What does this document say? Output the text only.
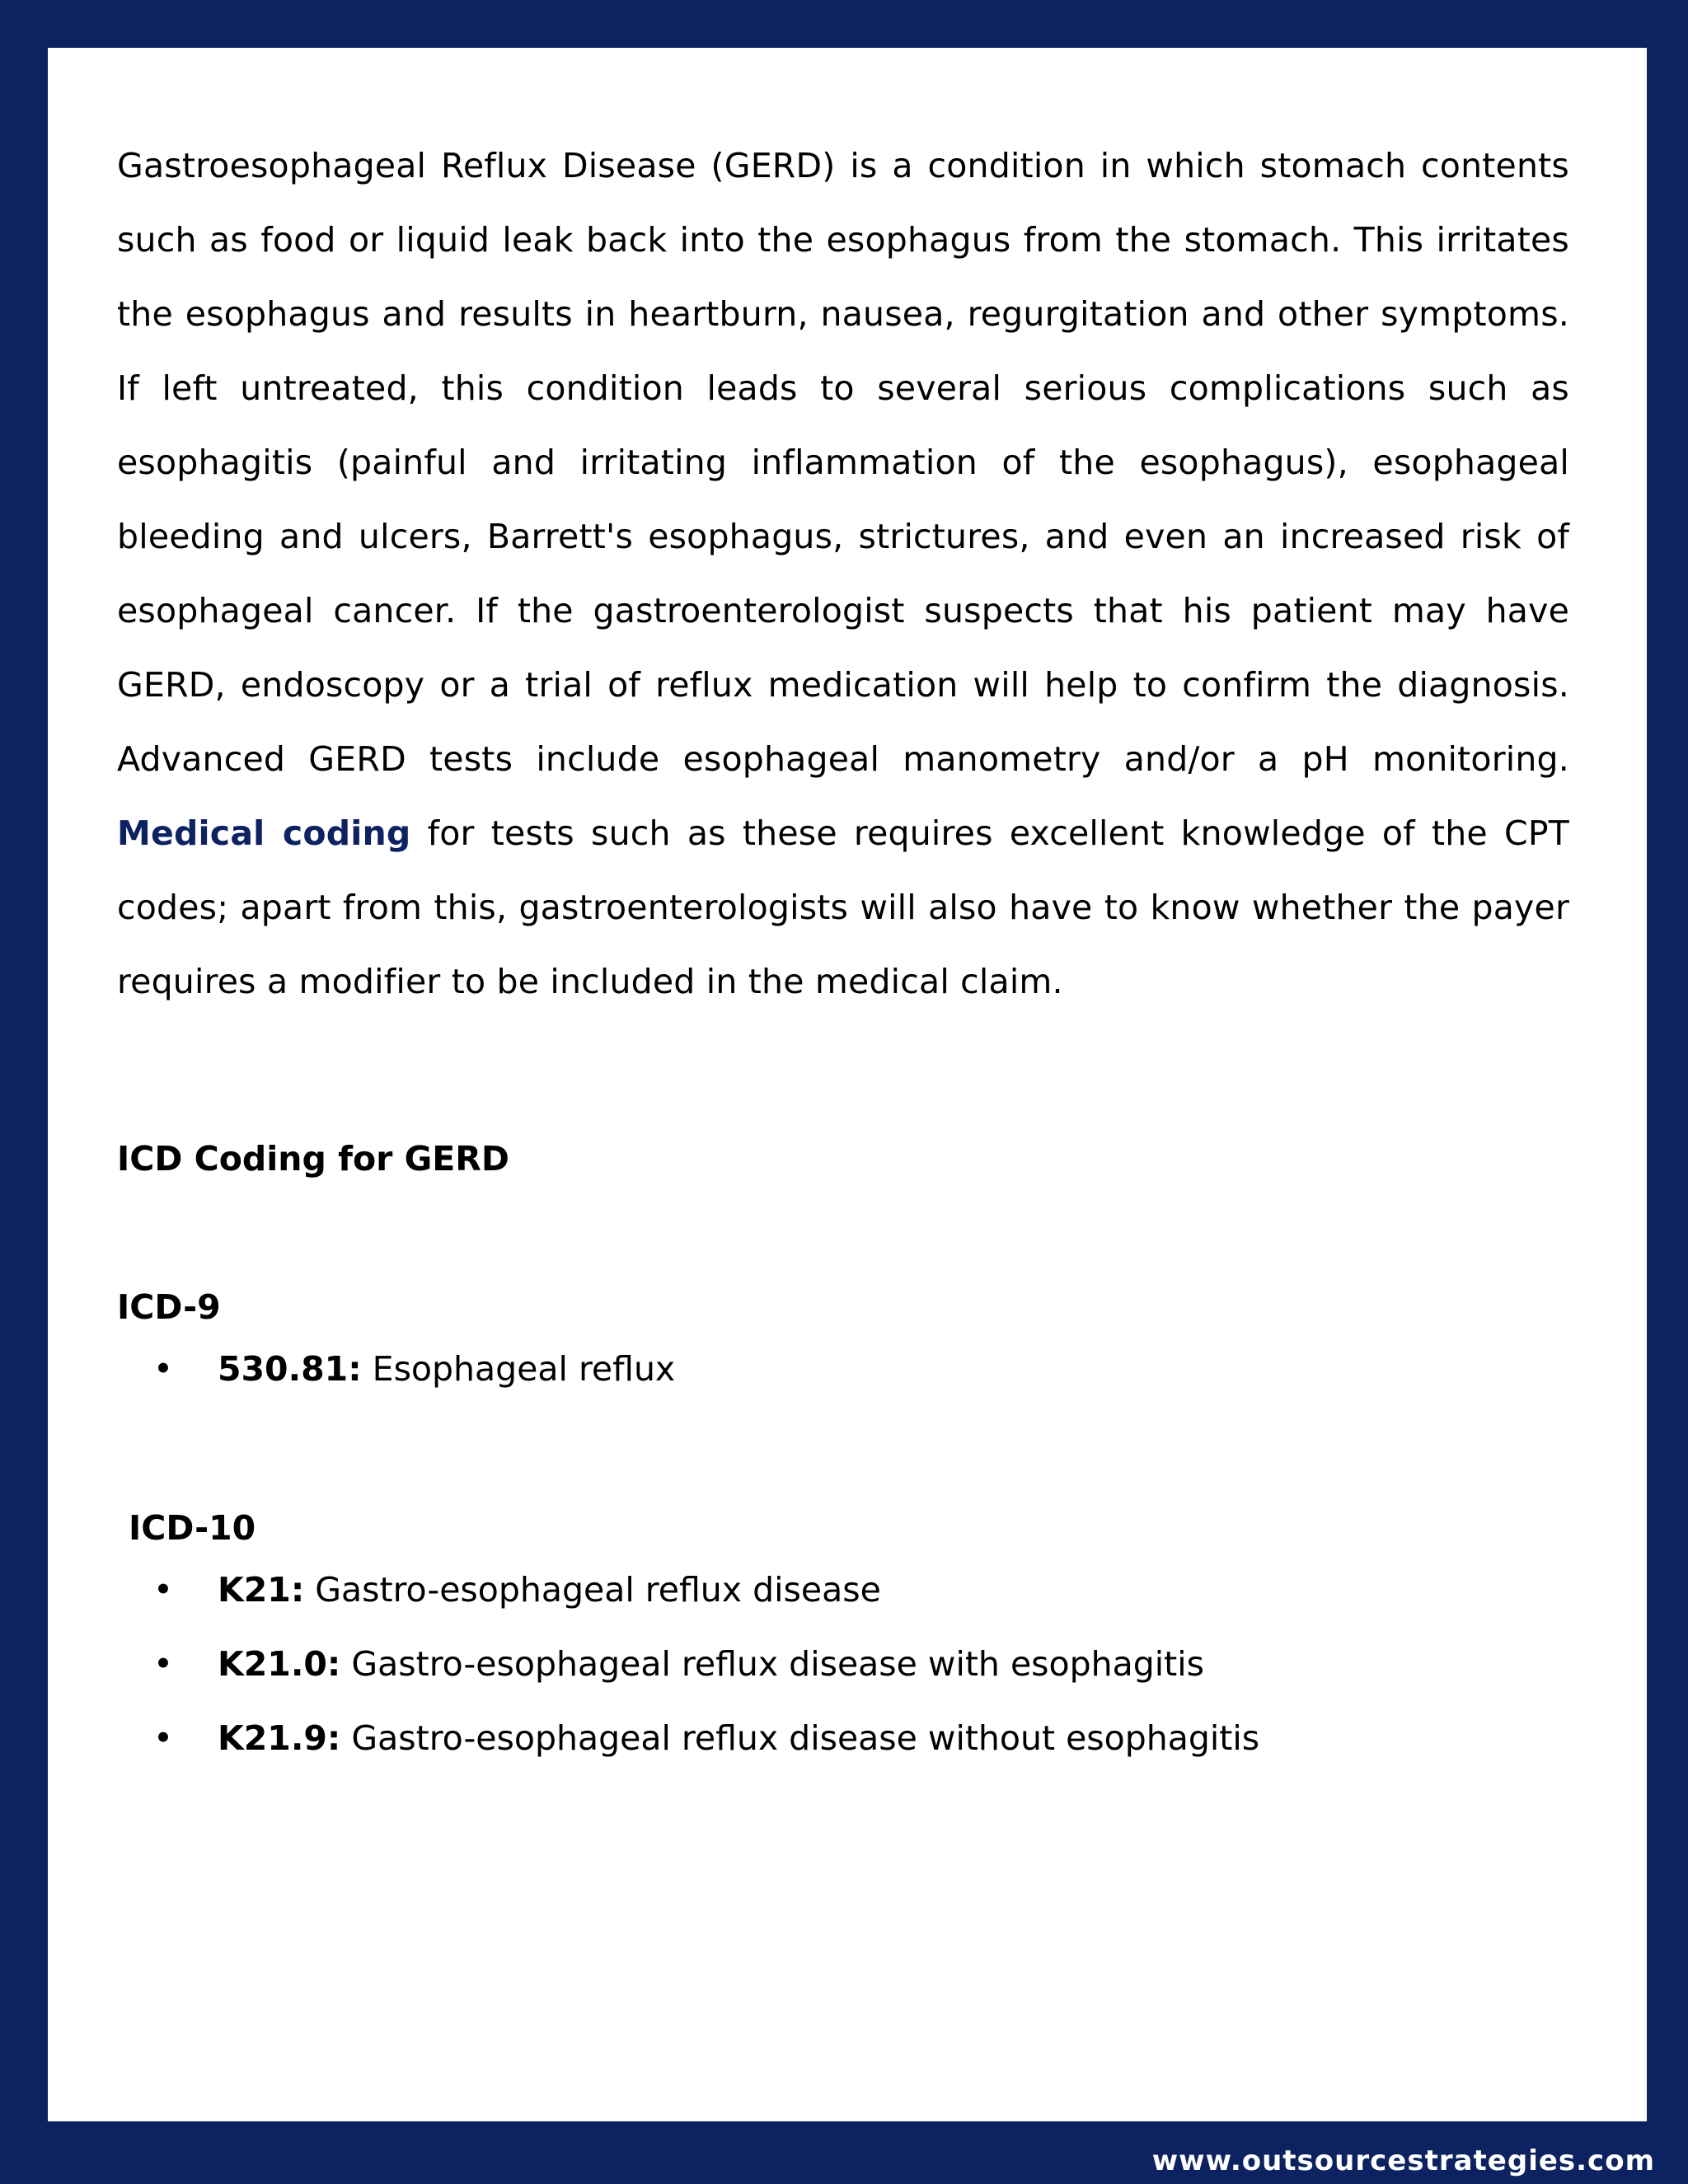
Gastroesophageal Reflux Disease (GERD) is a condition in which stomach contents such as food or liquid leak back into the esophagus from the stomach. This irritates the esophagus and results in heartburn, nausea, regurgitation and other symptoms. If left untreated, this condition leads to several serious complications such as esophagitis (painful and irritating inflammation of the esophagus), esophageal bleeding and ulcers, Barrett's esophagus, strictures, and even an increased risk of esophageal cancer. If the gastroenterologist suspects that his patient may have GERD, endoscopy or a trial of reflux medication will help to confirm the diagnosis. Advanced GERD tests include esophageal manometry and/or a pH monitoring. Medical coding for tests such as these requires excellent knowledge of the CPT codes; apart from this, gastroenterologists will also have to know whether the payer requires a modifier to be included in the medical claim.

ICD Coding for GERD
ICD-9
• 530.81: Esophageal reflux
ICD-10
• K21: Gastro-esophageal reflux disease
• K21.0: Gastro-esophageal reflux disease with esophagitis
• K21.9: Gastro-esophageal reflux disease without esophagitis
www.outsourcestrategies.com
